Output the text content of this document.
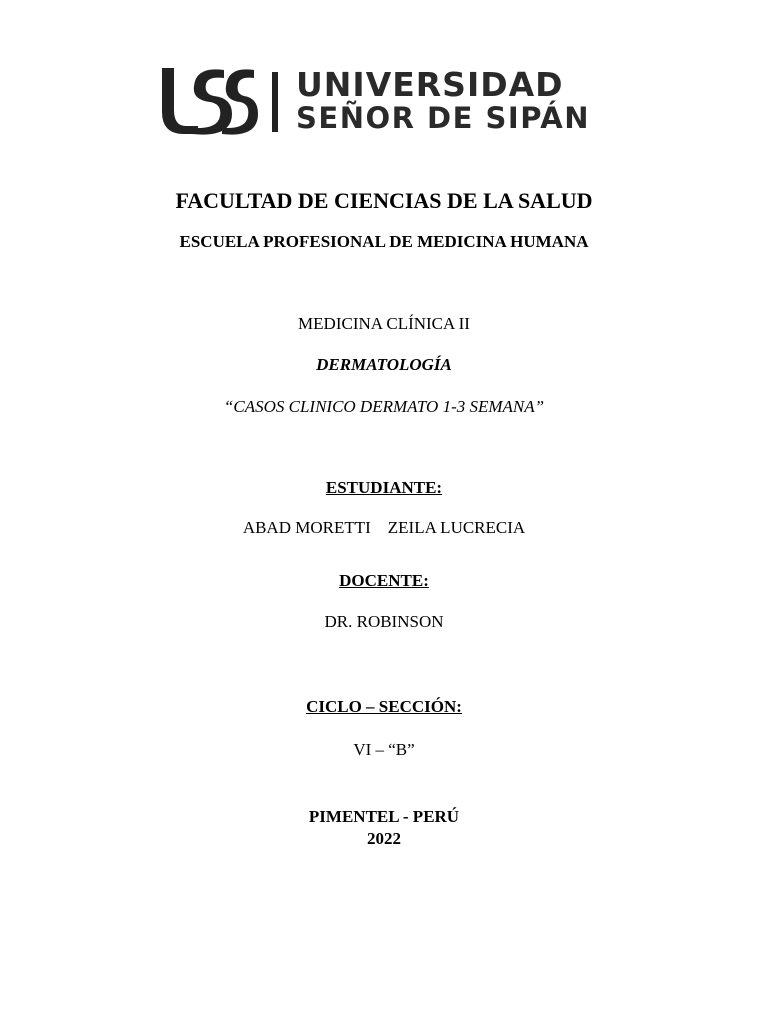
UNIVERSIDAD
SEÑOR DE SIPÁN
FACULTAD DE CIENCIAS DE LA SALUD
ESCUELA PROFESIONAL DE MEDICINA HUMANA
MEDICINA CLÍNICA II
DERMATOLOGÍA
“CASOS CLINICO DERMATO 1-3 SEMANA”
ESTUDIANTE:
ABAD MORETTI    ZEILA LUCRECIA
DOCENTE:
DR. ROBINSON
CICLO – SECCIÓN:
VI – “B”
PIMENTEL - PERÚ
2022
